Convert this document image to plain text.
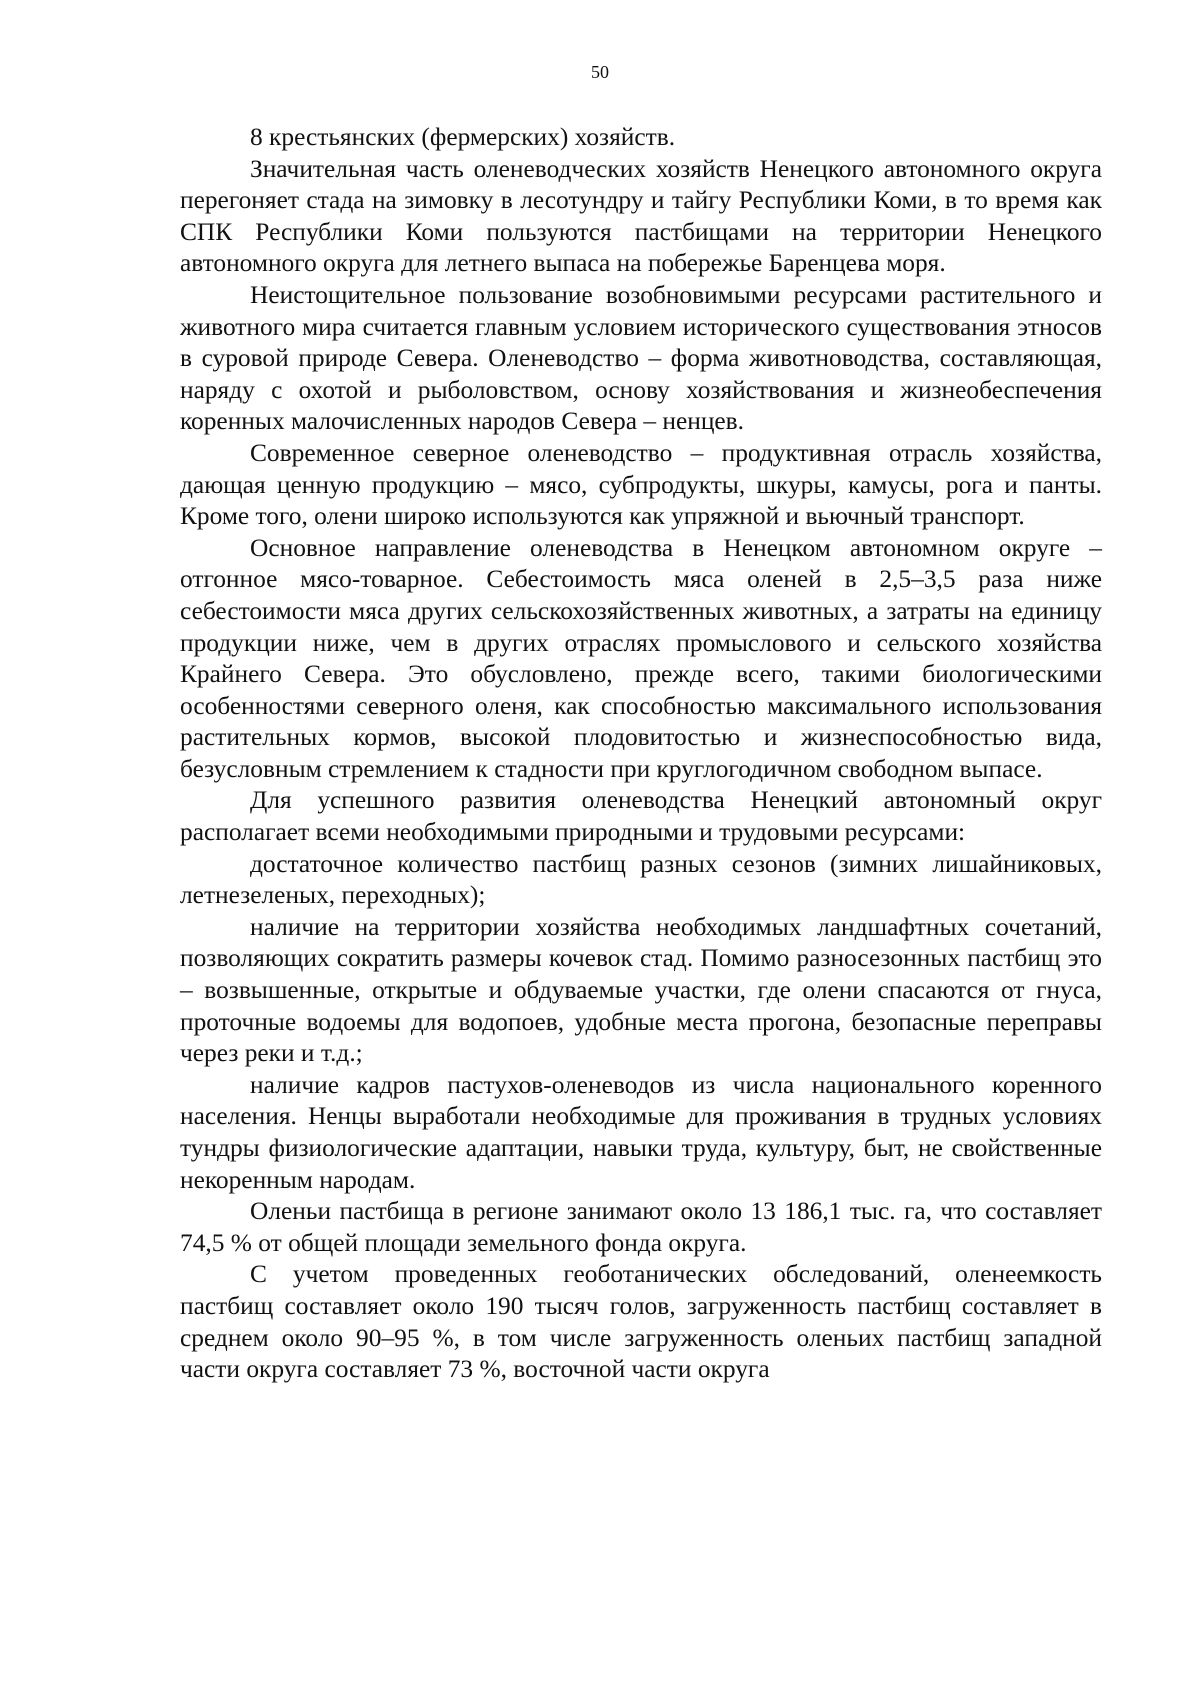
50

8 крестьянских (фермерских) хозяйств.

Значительная часть оленеводческих хозяйств Ненецкого автономного округа перегоняет стада на зимовку в лесотундру и тайгу Республики Коми, в то время как СПК Республики Коми пользуются пастбищами на территории Ненецкого автономного округа для летнего выпаса на побережье Баренцева моря.

Неистощительное пользование возобновимыми ресурсами растительного и животного мира считается главным условием исторического существования этносов в суровой природе Севера. Оленеводство – форма животноводства, составляющая, наряду с охотой и рыболовством, основу хозяйствования и жизнеобеспечения коренных малочисленных народов Севера – ненцев.

Современное северное оленеводство – продуктивная отрасль хозяйства, дающая ценную продукцию – мясо, субпродукты, шкуры, камусы, рога и панты. Кроме того, олени широко используются как упряжной и вьючный транспорт.

Основное направление оленеводства в Ненецком автономном округе – отгонное мясо-товарное. Себестоимость мяса оленей в 2,5–3,5 раза ниже себестоимости мяса других сельскохозяйственных животных, а затраты на единицу продукции ниже, чем в других отраслях промыслового и сельского хозяйства Крайнего Севера. Это обусловлено, прежде всего, такими биологическими особенностями северного оленя, как способностью максимального использования растительных кормов, высокой плодовитостью и жизнеспособностью вида, безусловным стремлением к стадности при круглогодичном свободном выпасе.

Для успешного развития оленеводства Ненецкий автономный округ располагает всеми необходимыми природными и трудовыми ресурсами:

достаточное количество пастбищ разных сезонов (зимних лишайниковых, летнезеленых, переходных);

наличие на территории хозяйства необходимых ландшафтных сочетаний, позволяющих сократить размеры кочевок стад. Помимо разносезонных пастбищ это – возвышенные, открытые и обдуваемые участки, где олени спасаются от гнуса, проточные водоемы для водопоев, удобные места прогона, безопасные переправы через реки и т.д.;

наличие кадров пастухов-оленеводов из числа национального коренного населения. Ненцы выработали необходимые для проживания в трудных условиях тундры физиологические адаптации, навыки труда, культуру, быт, не свойственные некоренным народам.

Оленьи пастбища в регионе занимают около 13 186,1 тыс. га, что составляет 74,5 % от общей площади земельного фонда округа.

С учетом проведенных геоботанических обследований, оленеемкость пастбищ составляет около 190 тысяч голов, загруженность пастбищ составляет в среднем около 90–95 %, в том числе загруженность оленьих пастбищ западной части округа составляет 73 %, восточной части округа
